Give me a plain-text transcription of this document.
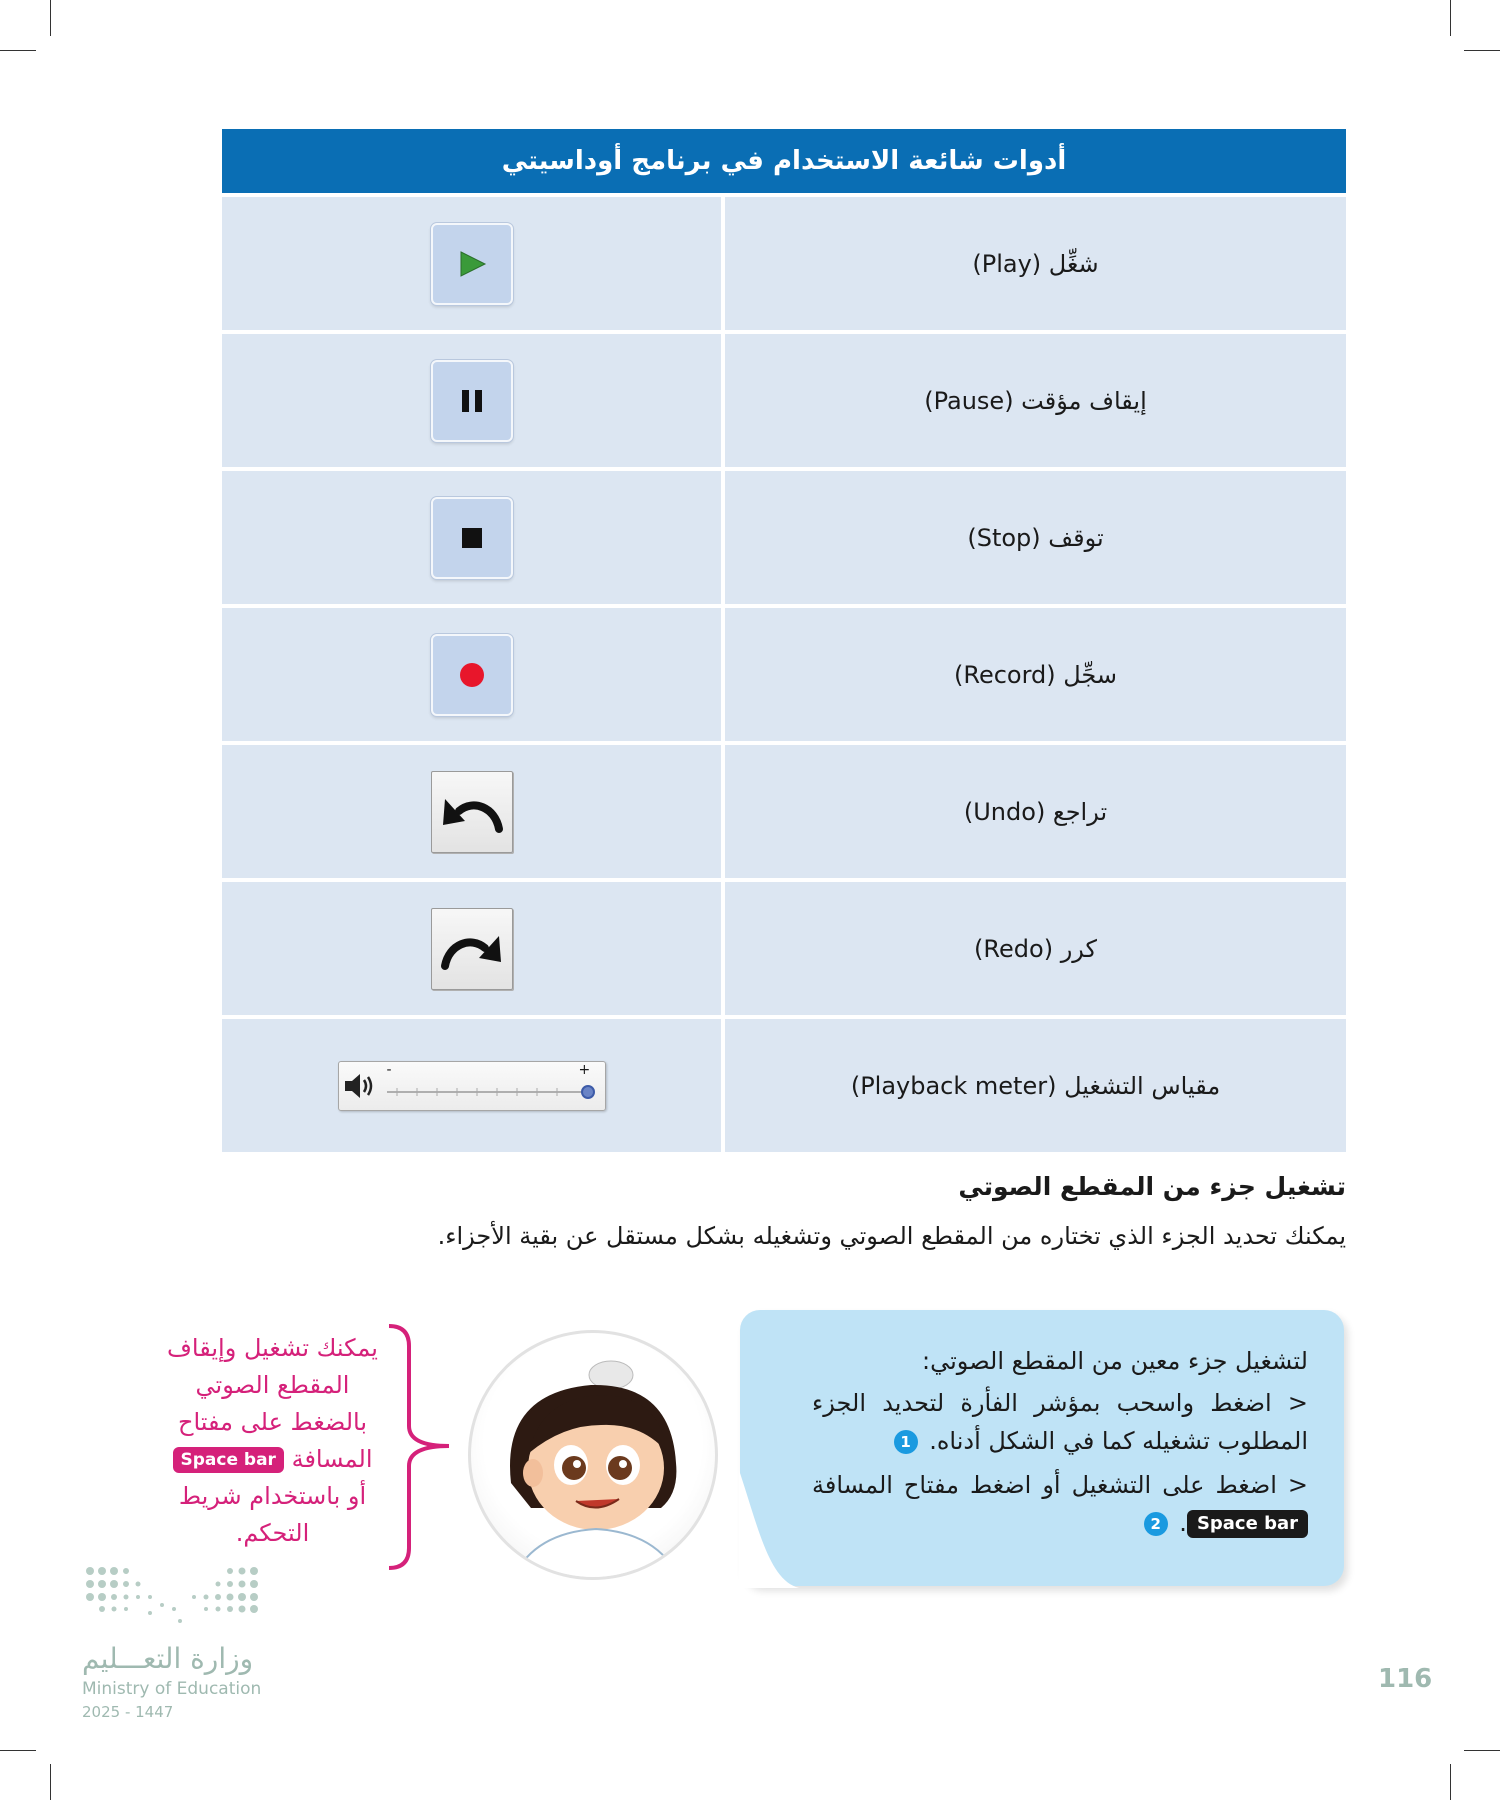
أدوات شائعة الاستخدام في برنامج أوداسيتي
شغِّل (Play)
إيقاف مؤقت (Pause)
توقف (Stop)
سجِّل (Record)
تراجع (Undo)
كرر (Redo)
-	+
مقياس التشغيل (Playback meter)
تشغيل جزء من المقطع الصوتي
يمكنك تحديد الجزء الذي تختاره من المقطع الصوتي وتشغيله بشكل مستقل عن بقية الأجزاء.
لتشغيل جزء معين من المقطع الصوتي:
< اضغط واسحب بمؤشر الفأرة لتحديد الجزء المطلوب تشغيله كما في الشكل أدناه. 1
< اضغط على التشغيل أو اضغط مفتاح المسافة Space bar. 2
يمكنك تشغيل وإيقاف
المقطع الصوتي
بالضغط على مفتاح
المسافة Space bar
أو باستخدام شريط
التحكم.
وزارة التعـــليم
Ministry of Education
2025 - 1447
116
